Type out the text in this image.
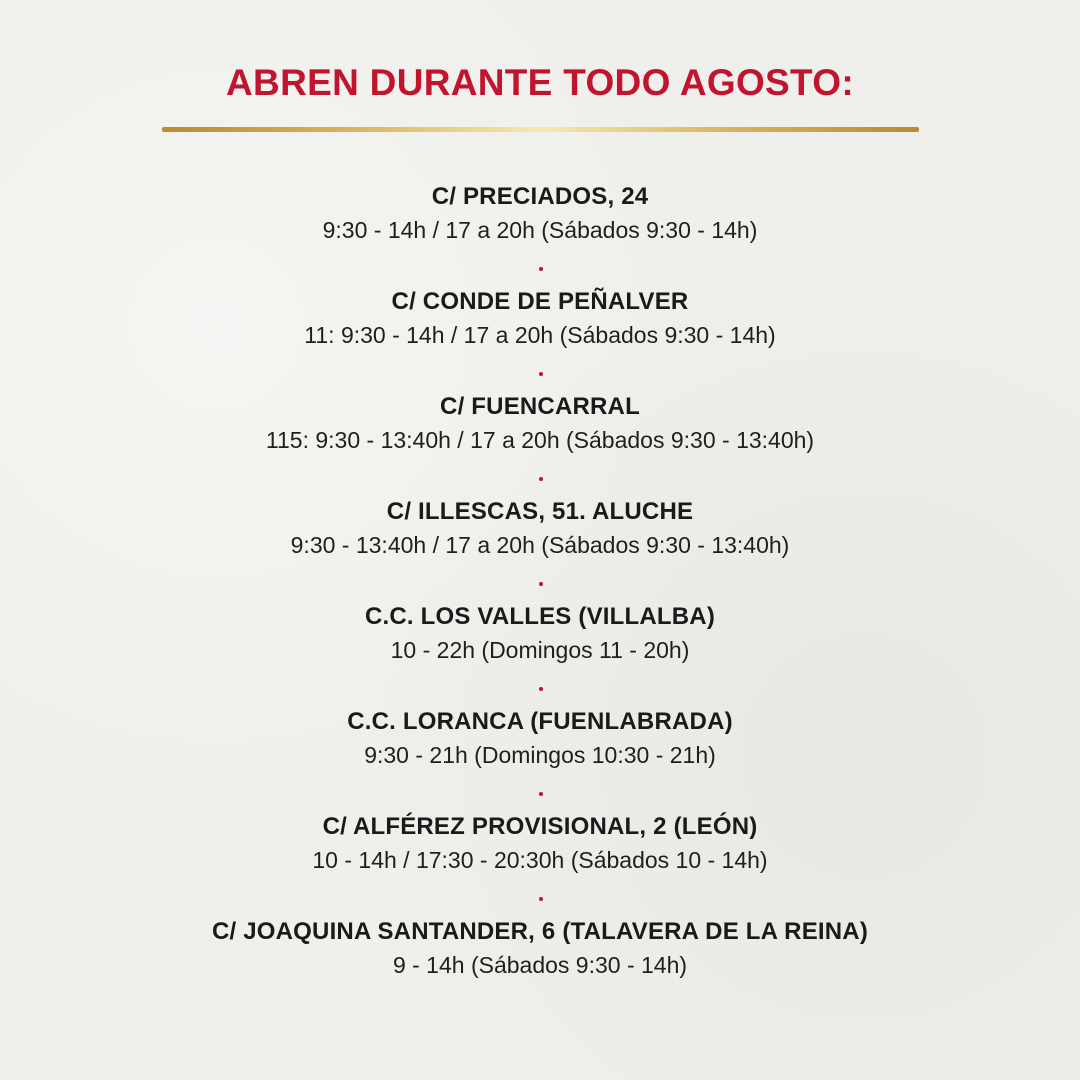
ABREN DURANTE TODO AGOSTO:
C/ PRECIADOS, 24
9:30 - 14h / 17 a 20h (Sábados 9:30 - 14h)
C/ CONDE DE PEÑALVER
11: 9:30 - 14h / 17 a 20h (Sábados 9:30 - 14h)
C/ FUENCARRAL
115: 9:30 - 13:40h / 17 a 20h (Sábados 9:30 - 13:40h)
C/ ILLESCAS, 51. ALUCHE
9:30 - 13:40h / 17 a 20h (Sábados 9:30 - 13:40h)
C.C. LOS VALLES (VILLALBA)
10 - 22h (Domingos 11 - 20h)
C.C. LORANCA (FUENLABRADA)
9:30 - 21h (Domingos 10:30 - 21h)
C/ ALFÉREZ PROVISIONAL, 2 (LEÓN)
10 - 14h / 17:30 - 20:30h (Sábados 10 - 14h)
C/ JOAQUINA SANTANDER, 6 (TALAVERA DE LA REINA)
9 - 14h (Sábados 9:30 - 14h)
